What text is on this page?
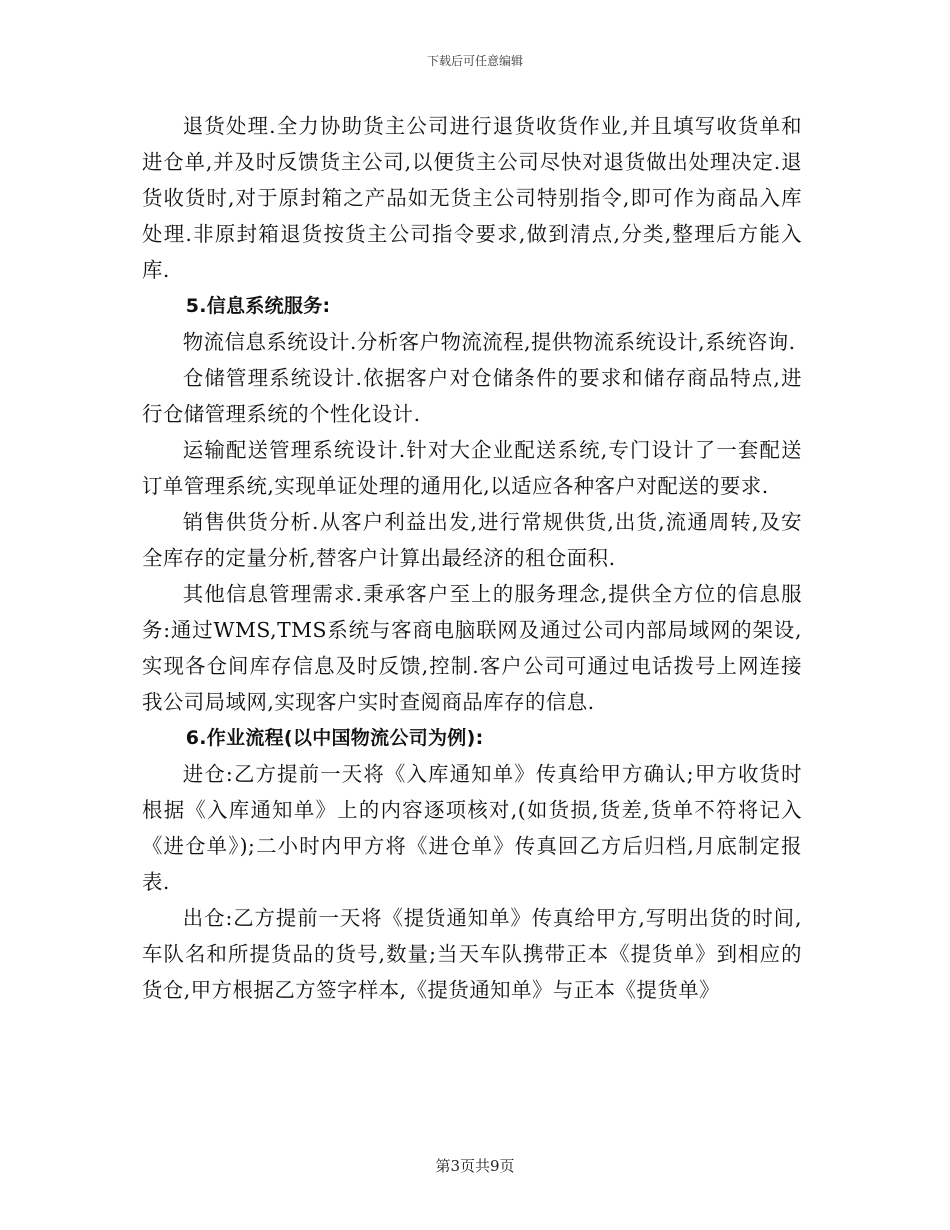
下载后可任意编辑

退货处理.全力协助货主公司进行退货收货作业,并且填写收货单和进仓单,并及时反馈货主公司,以便货主公司尽快对退货做出处理决定.退货收货时,对于原封箱之产品如无货主公司特别指令,即可作为商品入库处理.非原封箱退货按货主公司指令要求,做到清点,分类,整理后方能入库.

5.信息系统服务:

物流信息系统设计.分析客户物流流程,提供物流系统设计,系统咨询.

仓储管理系统设计.依据客户对仓储条件的要求和储存商品特点,进行仓储管理系统的个性化设计.

运输配送管理系统设计.针对大企业配送系统,专门设计了一套配送订单管理系统,实现单证处理的通用化,以适应各种客户对配送的要求.

销售供货分析.从客户利益出发,进行常规供货,出货,流通周转,及安全库存的定量分析,替客户计算出最经济的租仓面积.

其他信息管理需求.秉承客户至上的服务理念,提供全方位的信息服务:通过WMS,TMS系统与客商电脑联网及通过公司内部局域网的架设,实现各仓间库存信息及时反馈,控制.客户公司可通过电话拨号上网连接我公司局域网,实现客户实时查阅商品库存的信息.

6.作业流程(以中国物流公司为例):

进仓:乙方提前一天将《入库通知单》传真给甲方确认;甲方收货时根据《入库通知单》上的内容逐项核对,(如货损,货差,货单不符将记入《进仓单》);二小时内甲方将《进仓单》传真回乙方后归档,月底制定报表.

出仓:乙方提前一天将《提货通知单》传真给甲方,写明出货的时间,车队名和所提货品的货号,数量;当天车队携带正本《提货单》到相应的货仓,甲方根据乙方签字样本,《提货通知单》与正本《提货单》

第3页共9页
